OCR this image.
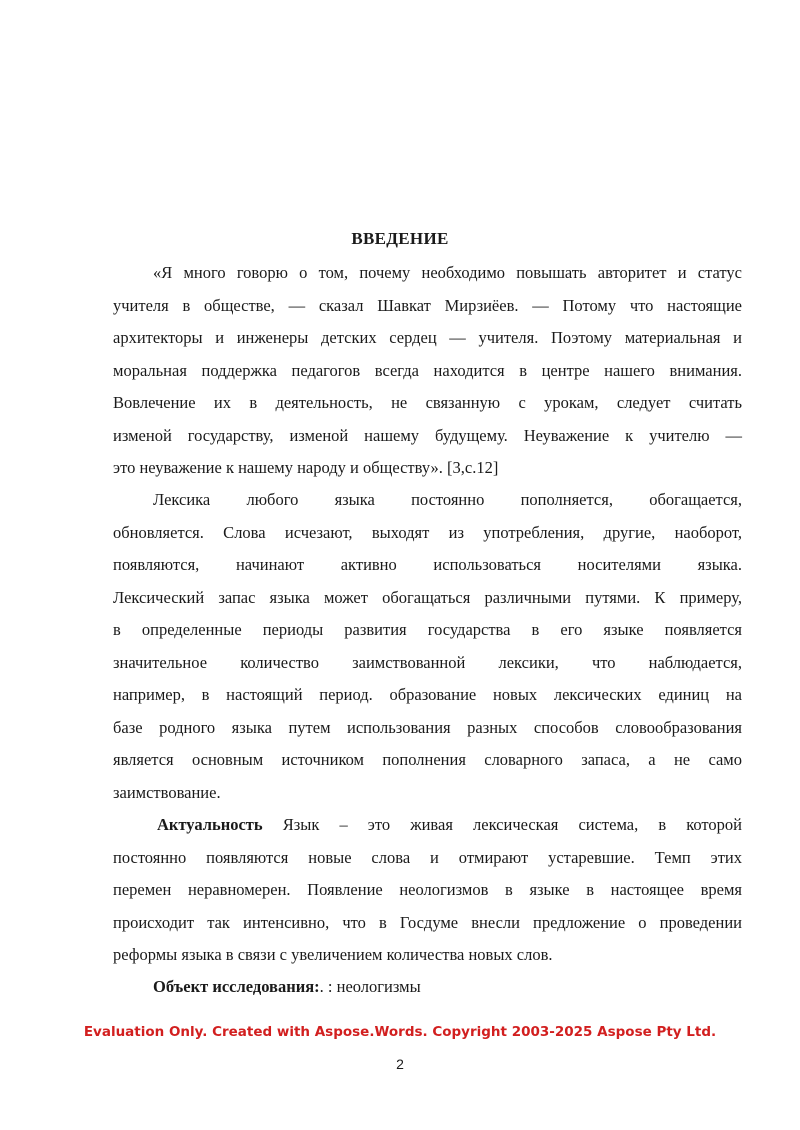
ВВЕДЕНИЕ
«Я много говорю о том, почему необходимо повышать авторитет и статус
учителя в обществе, — сказал Шавкат Мирзиёев. — Потому что настоящие
архитекторы и инженеры детских сердец — учителя. Поэтому материальная и
моральная поддержка педагогов всегда находится в центре нашего внимания.
Вовлечение их в деятельность, не связанную с урокам, следует считать
изменой государству, изменой нашему будущему. Неуважение к учителю —
это неуважение к нашему народу и обществу». [3,с.12]
Лексика любого языка постоянно пополняется, обогащается,
обновляется. Слова исчезают, выходят из употребления, другие, наоборот,
появляются, начинают активно использоваться носителями языка.
Лексический запас языка может обогащаться различными путями. К примеру,
в определенные периоды развития государства в его языке появляется
значительное количество заимствованной лексики, что наблюдается,
например, в настоящий период. образование новых лексических единиц на
базе родного языка путем использования разных способов словообразования
является основным источником пополнения словарного запаса, а не само
заимствование.
Актуальность Язык – это живая лексическая система, в которой
постоянно появляются новые слова и отмирают устаревшие. Темп этих
перемен неравномерен. Появление неологизмов в языке в настоящее время
происходит так интенсивно, что в Госдуме внесли предложение о проведении
реформы языка в связи с увеличением количества новых слов.
Объект исследования:. : неологизмы
Evaluation Only. Created with Aspose.Words. Copyright 2003-2025 Aspose Pty Ltd.
2
